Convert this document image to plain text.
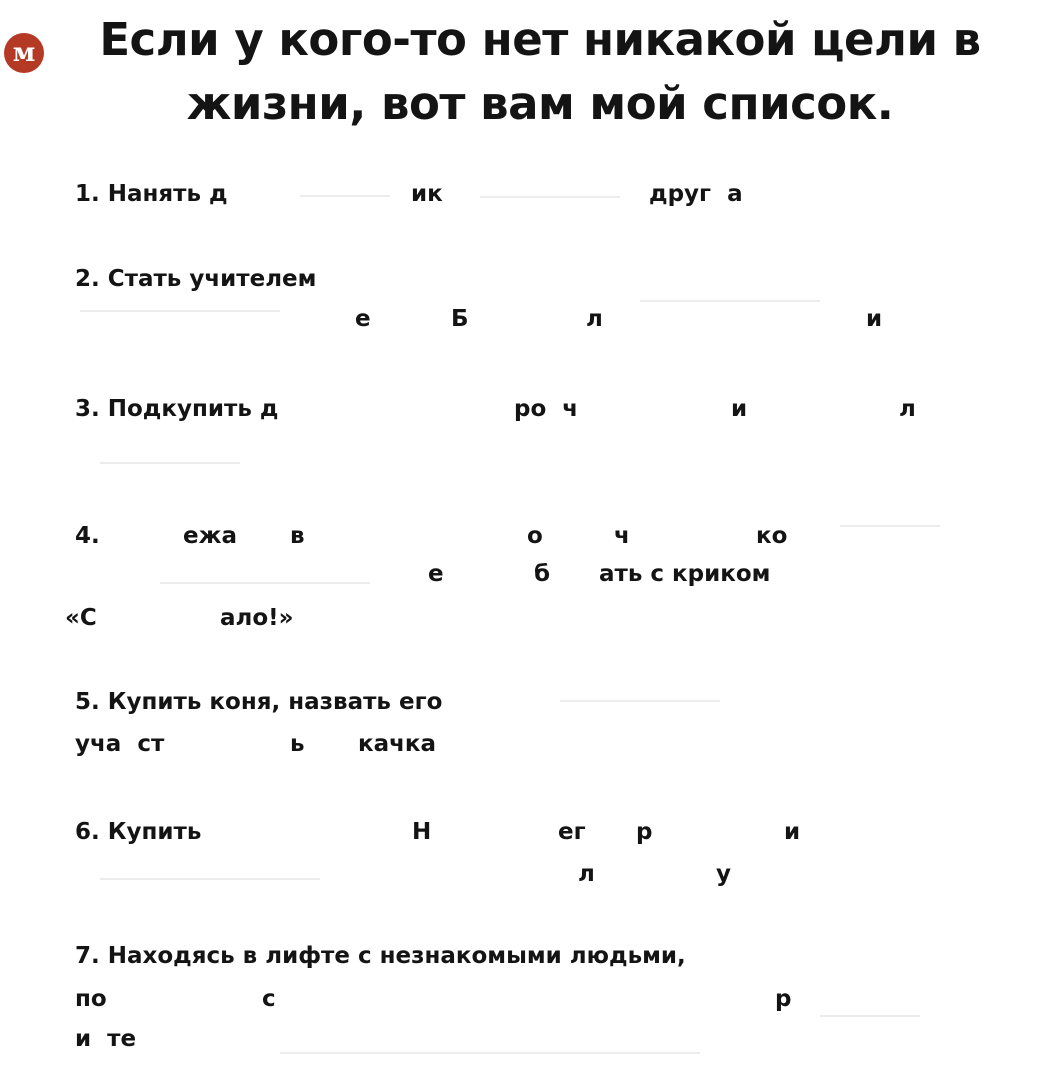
м	Если у кого-то нет никакой цели в
жизни, вот вам мой список.
1. Нанять д	ик	друг  а
2. Стать учителем
е	Б	л	и
3. Подкупить д	ро  ч	и	л
4.	ежа в	о	ч	ко
е	б ать с криком
«С	ало!»
5. Купить коня, назвать его
уча  ст	ь качка
6. Купить	Н	ег р	и
л	у
7. Находясь в лифте с незнакомыми людьми,
по	с	р
и  те
